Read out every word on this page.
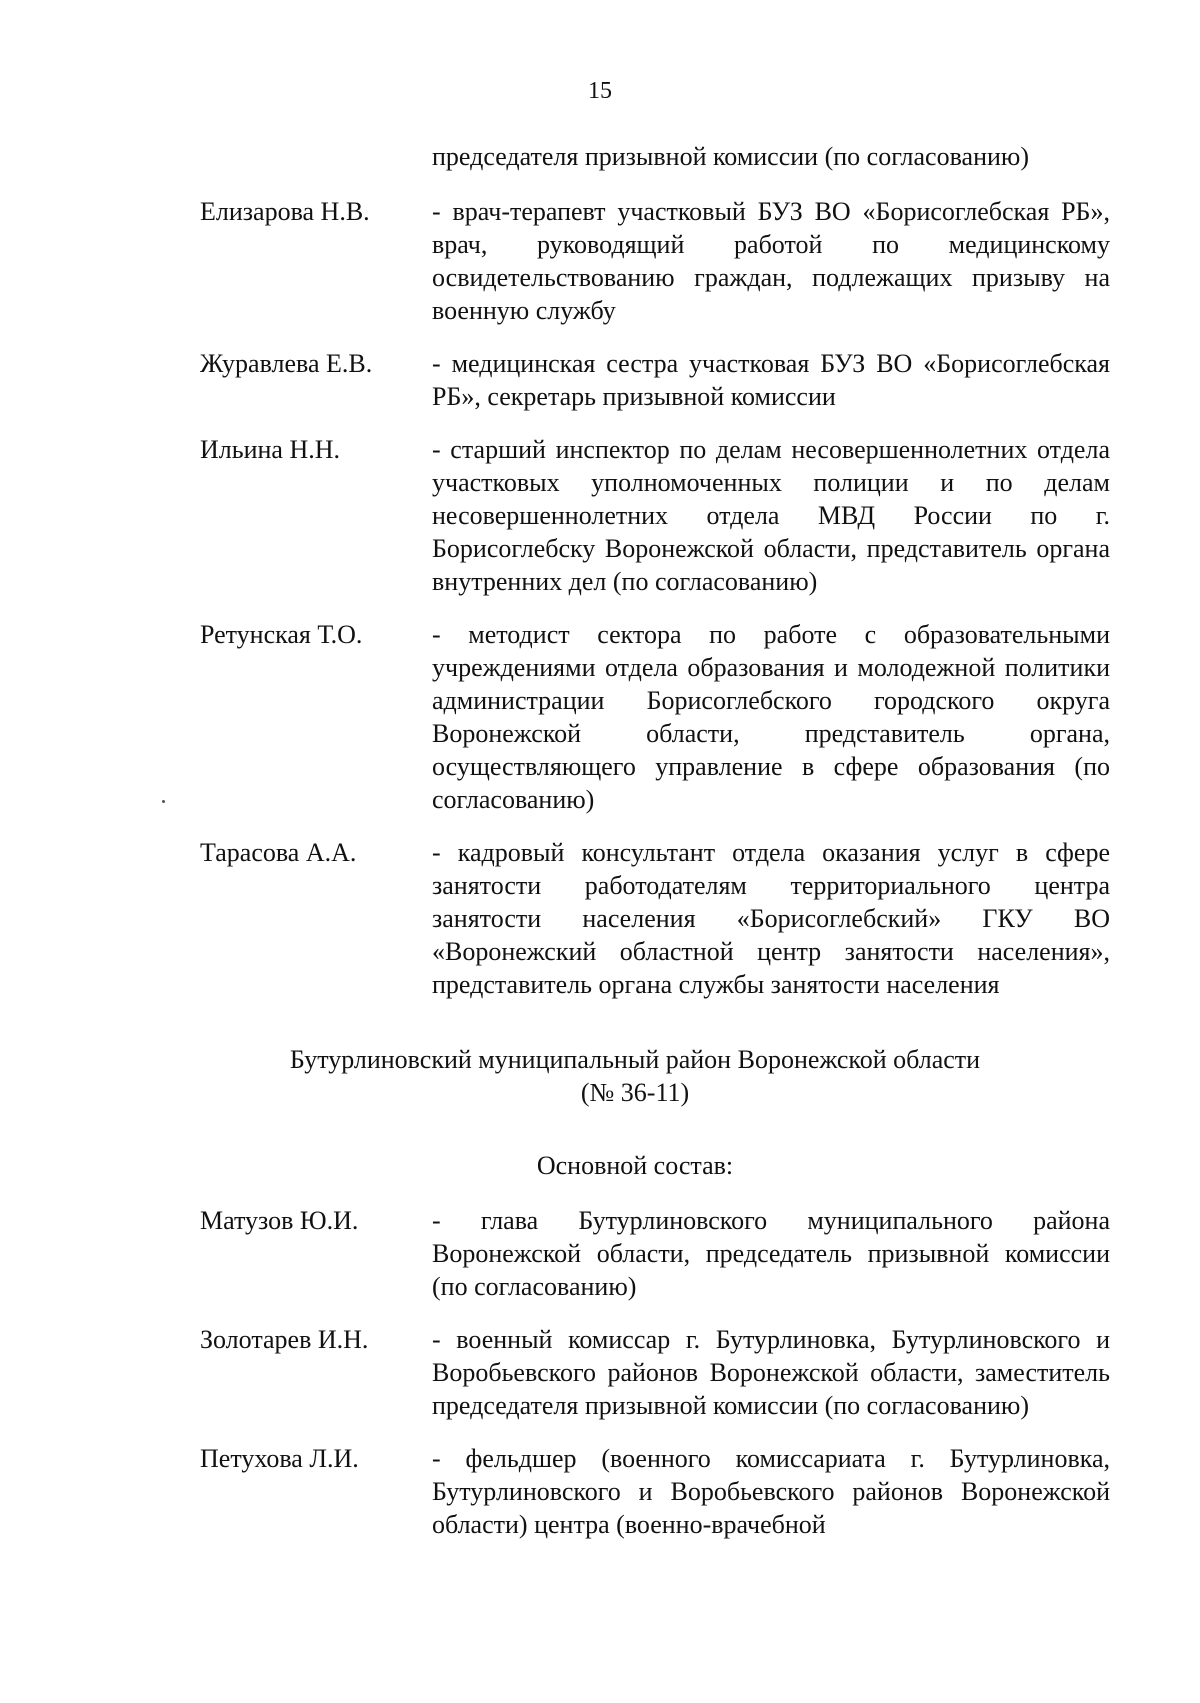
15
председателя призывной комиссии (по согласованию)
Елизарова Н.В.	- врач-терапевт участковый БУЗ ВО «Борисоглебская РБ», врач, руководящий работой по медицинскому освидетельствованию граждан, подлежащих призыву на военную службу
Журавлева Е.В.	- медицинская сестра участковая БУЗ ВО «Борисоглебская РБ», секретарь призывной комиссии
Ильина Н.Н.	- старший инспектор по делам несовершеннолетних отдела участковых уполномоченных полиции и по делам несовершеннолетних отдела МВД России по г. Борисоглебску Воронежской области, представитель органа внутренних дел (по согласованию)
Ретунская Т.О.	- методист сектора по работе с образовательными учреждениями отдела образования и молодежной политики администрации Борисоглебского городского округа Воронежской области, представитель органа, осуществляющего управление в сфере образования (по согласованию)
Тарасова А.А.	- кадровый консультант отдела оказания услуг в сфере занятости работодателям территориального центра занятости населения «Борисоглебский» ГКУ ВО «Воронежский областной центр занятости населения», представитель органа службы занятости населения
Бутурлиновский муниципальный район Воронежской области
(№ 36-11)
Основной состав:
Матузов Ю.И.	- глава Бутурлиновского муниципального района Воронежской области, председатель призывной комиссии (по согласованию)
Золотарев И.Н.	- военный комиссар г. Бутурлиновка, Бутурлиновского и Воробьевского районов Воронежской области, заместитель председателя призывной комиссии (по согласованию)
Петухова Л.И.	- фельдшер (военного комиссариата г. Бутурлиновка, Бутурлиновского и Воробьевского районов Воронежской области) центра (военно-врачебной
